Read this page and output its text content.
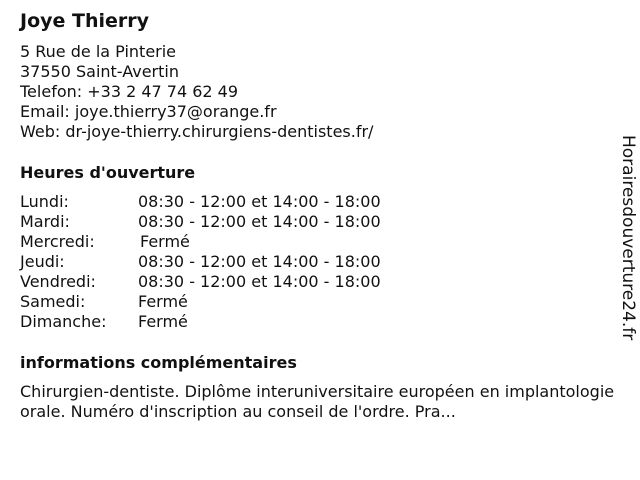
Joye Thierry
5 Rue de la Pinterie
37550 Saint-Avertin
Telefon: +33 2 47 74 62 49
Email: joye.thierry37@orange.fr
Web: dr-joye-thierry.chirurgiens-dentistes.fr/
Heures d'ouverture
Lundi:	08:30 - 12:00 et 14:00 - 18:00
Mardi:	08:30 - 12:00 et 14:00 - 18:00
Mercredi:	Fermé
Jeudi:	08:30 - 12:00 et 14:00 - 18:00
Vendredi:	08:30 - 12:00 et 14:00 - 18:00
Samedi:	Fermé
Dimanche:	Fermé
informations complémentaires
Chirurgien-dentiste. Diplôme interuniversitaire européen en implantologie orale. Numéro d'inscription au conseil de l'ordre. Pra...
Horairesdouverture24.fr
